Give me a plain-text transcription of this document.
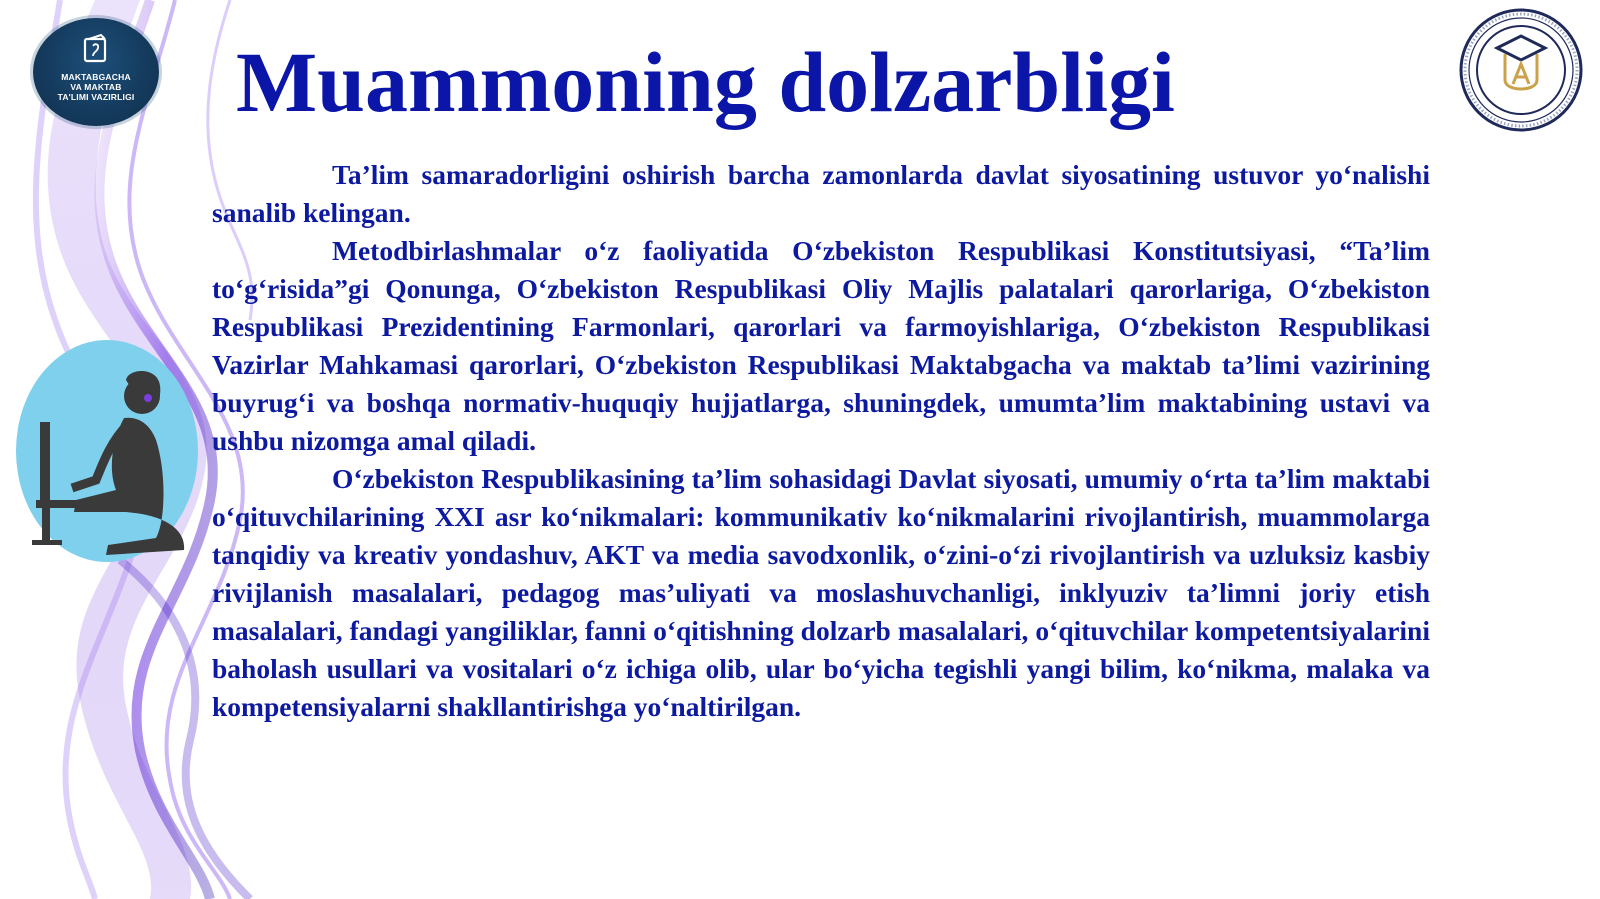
MAKTABGACHA
VA MAKTAB
TA'LIMI VAZIRLIGI Muammoning dolzarbligi

Ta’lim samaradorligini oshirish barcha zamonlarda davlat siyosatining ustuvor yo‘nalishi sanalib kelingan.

Metodbirlashmalar o‘z faoliyatida O‘zbekiston Respublikasi Konstitutsiyasi, “Ta’lim to‘g‘risida”gi Qonunga, O‘zbekiston Respublikasi Oliy Majlis palatalari qarorlariga, O‘zbekiston Respublikasi Prezidentining Farmonlari, qarorlari va farmoyishlariga, O‘zbekiston Respublikasi Vazirlar Mahkamasi qarorlari, O‘zbekiston Respublikasi Maktabgacha va maktab ta’limi vazirining buyrug‘i va boshqa normativ-huquqiy hujjatlarga, shuningdek, umumta’lim maktabining ustavi va ushbu nizomga amal qiladi.

O‘zbekiston Respublikasining ta’lim sohasidagi Davlat siyosati, umumiy o‘rta ta’lim maktabi o‘qituvchilarining XXI asr ko‘nikmalari: kommunikativ ko‘nikmalarini rivojlantirish, muammolarga tanqidiy va kreativ yondashuv, AKT va media savodxonlik, o‘zini-o‘zi rivojlantirish va uzluksiz kasbiy rivijlanish masalalari, pedagog mas’uliyati va moslashuvchanligi, inklyuziv ta’limni joriy etish masalalari, fandagi yangiliklar, fanni o‘qitishning dolzarb masalalari, o‘qituvchilar kompetentsiyalarini baholash usullari va vositalari o‘z ichiga olib, ular bo‘yicha tegishli yangi bilim, ko‘nikma, malaka va kompetensiyalarni shakllantirishga yo‘naltirilgan.
